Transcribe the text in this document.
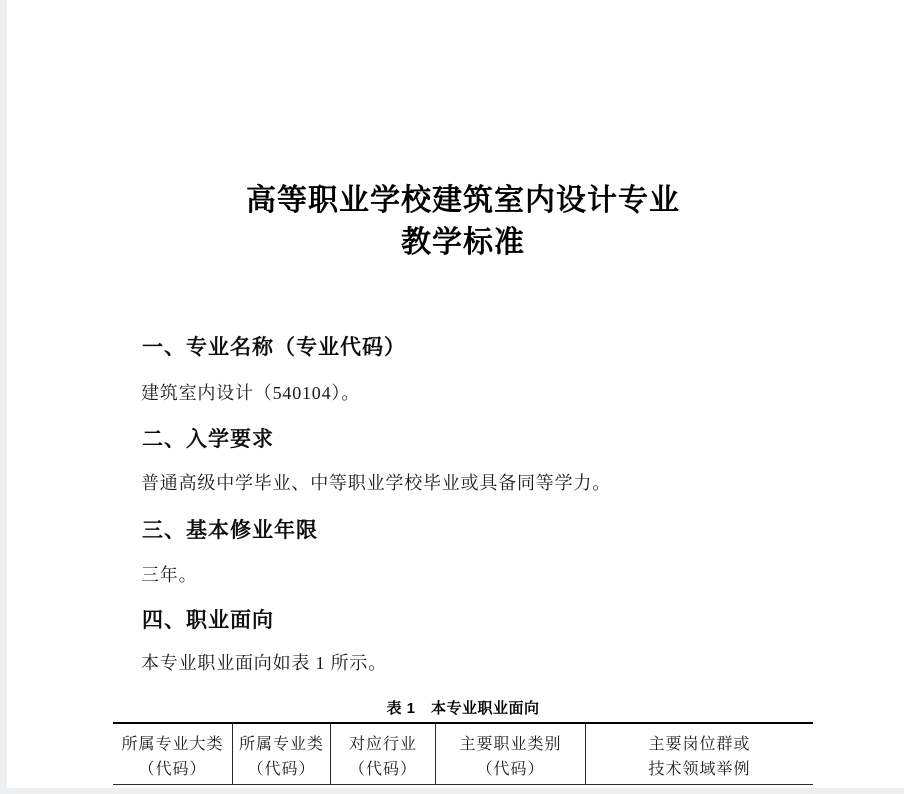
高等职业学校建筑室内设计专业
教学标准
一、专业名称（专业代码）
建筑室内设计（540104）。
二、入学要求
普通高级中学毕业、中等职业学校毕业或具备同等学力。
三、基本修业年限
三年。
四、职业面向
本专业职业面向如表 1 所示。
表 1　本专业职业面向
所属专业大类
（代码）
所属专业类
（代码）
对应行业
（代码）
主要职业类别
（代码）
主要岗位群或
技术领域举例
